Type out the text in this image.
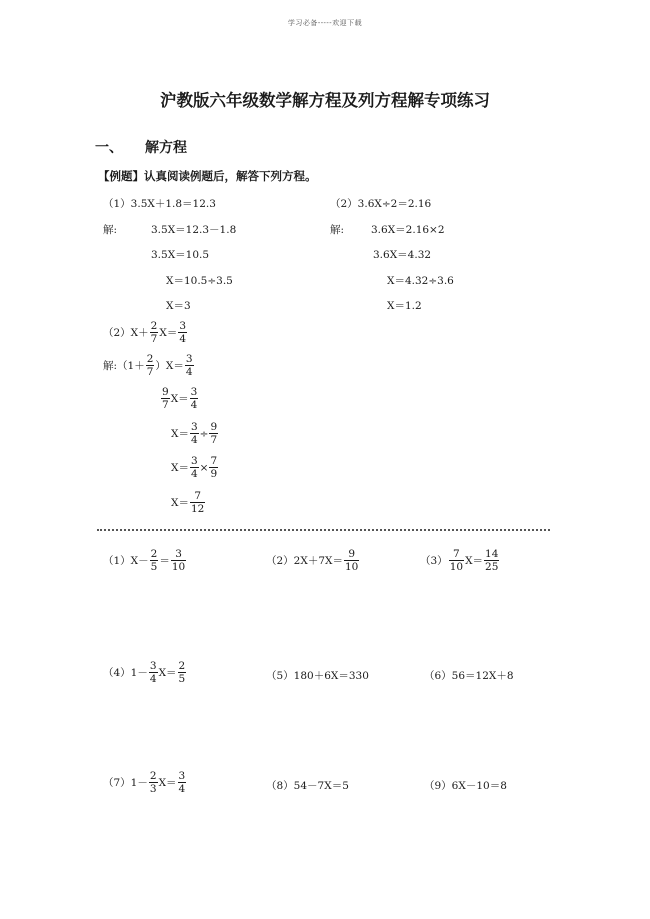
学习必备-----欢迎下载
沪教版六年级数学解方程及列方程解专项练习
一、 解方程
【例题】认真阅读例题后，解答下列方程。
（1）3.5X＋1.8＝12.3
解:	3.5X＝12.3－1.8
3.5X＝10.5
X＝10.5÷3.5
X＝3
（2）3.6X÷2＝2.16
解:	3.6X＝2.16×2
3.6X＝4.32
X＝4.32÷3.6
X＝1.2
$(2)X+ \frac{2}{7} X= \frac{3}{4}$
解: $(1+ \frac{2}{7} )X= \frac{3}{4}$
$\frac{9}{7} X= \frac{3}{4}$
$X= \frac{3}{4} \div \frac{9}{7}$
$X= \frac{3}{4} \times \frac{7}{9}$
$X= \frac{7}{12}$
$(1)X- \frac{2}{5} = \frac{3}{10}$	$(2)2X+7X= \frac{9}{10}$	$(3) \frac{7}{10} X= \frac{14}{25}$
$(4)1- \frac{3}{4} X= \frac{2}{5}$	（5）180＋6X＝330	（6）56＝12X＋8
$(7)1- \frac{2}{3} X= \frac{3}{4}$	（8）54－7X＝5	（9）6X－10＝8
